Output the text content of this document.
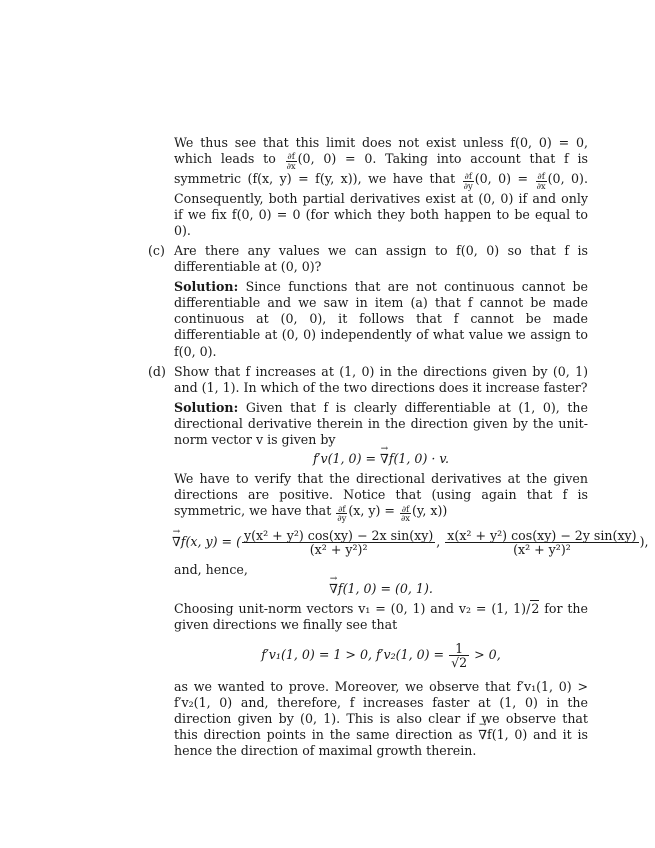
We thus see that this limit does not exist unless f(0, 0) = 0, which leads to $\frac{\partial f}{\partial x} (0$, 0) = 0. Taking into account that f is symmetric (f(x, y) = f(y, x)), we have that $\frac{\partial f}{\partial y} (0$, $0) = \frac{\partial f}{\partial x} (0$, 0). Consequently, both partial derivatives exist at (0, 0) if and only if we fix f(0, 0) = 0 (for which they both happen to be equal to 0).

(c) Are there any values we can assign to f(0, 0) so that f is differentiable at (0, 0)?

Solution: Since functions that are not continuous cannot be differentiable and we saw in item (a) that f cannot be made continuous at (0, 0), it follows that f cannot be made differentiable at (0, 0) independently of what value we assign to f(0, 0).

(d) Show that f increases at (1, 0) in the directions given by (0, 1) and (1, 1). In which of the two directions does it increase faster?

Solution: Given that f is clearly differentiable at (1, 0), the directional derivative therein in the direction given by the unit-norm vector v is given by

f′v(1, 0) = → ∇f(1, 0) · v.

We have to verify that the directional derivatives at the given directions are positive. Notice that (using again that f is symmetric, we have that $\frac{\partial f}{\partial y} (x$, $y) = \frac{\partial f}{\partial x} (y$, x))

→ ∇f(x, y) = ( $\frac{\text{y(x² + y²) cos(xy) − 2x sin(xy)}}{\text{(x² + y²)²}}$ , $\frac{\text{x(x² + y²) cos(xy) − 2y sin(xy)}}{\text{(x² + y²)²}}$ ),

and, hence,

→ ∇f(1, 0) = (0, 1).

Choosing unit-norm vectors v₁ = (0, 1) and v₂ = (1, 1)/2 for the given directions we finally see that

f′v₁(1, 0) = 1 > 0, f′v₂(1, $0) = \frac{1}{√2} > 0$,

as we wanted to prove. Moreover, we observe that f′v₁(1, 0) > f′v₂(1, 0) and, therefore, f increases faster at (1, 0) in the direction given by (0, 1). This is also clear if we observe that this direction points in the same direction as → ∇f(1, 0) and it is hence the direction of maximal growth therein.
